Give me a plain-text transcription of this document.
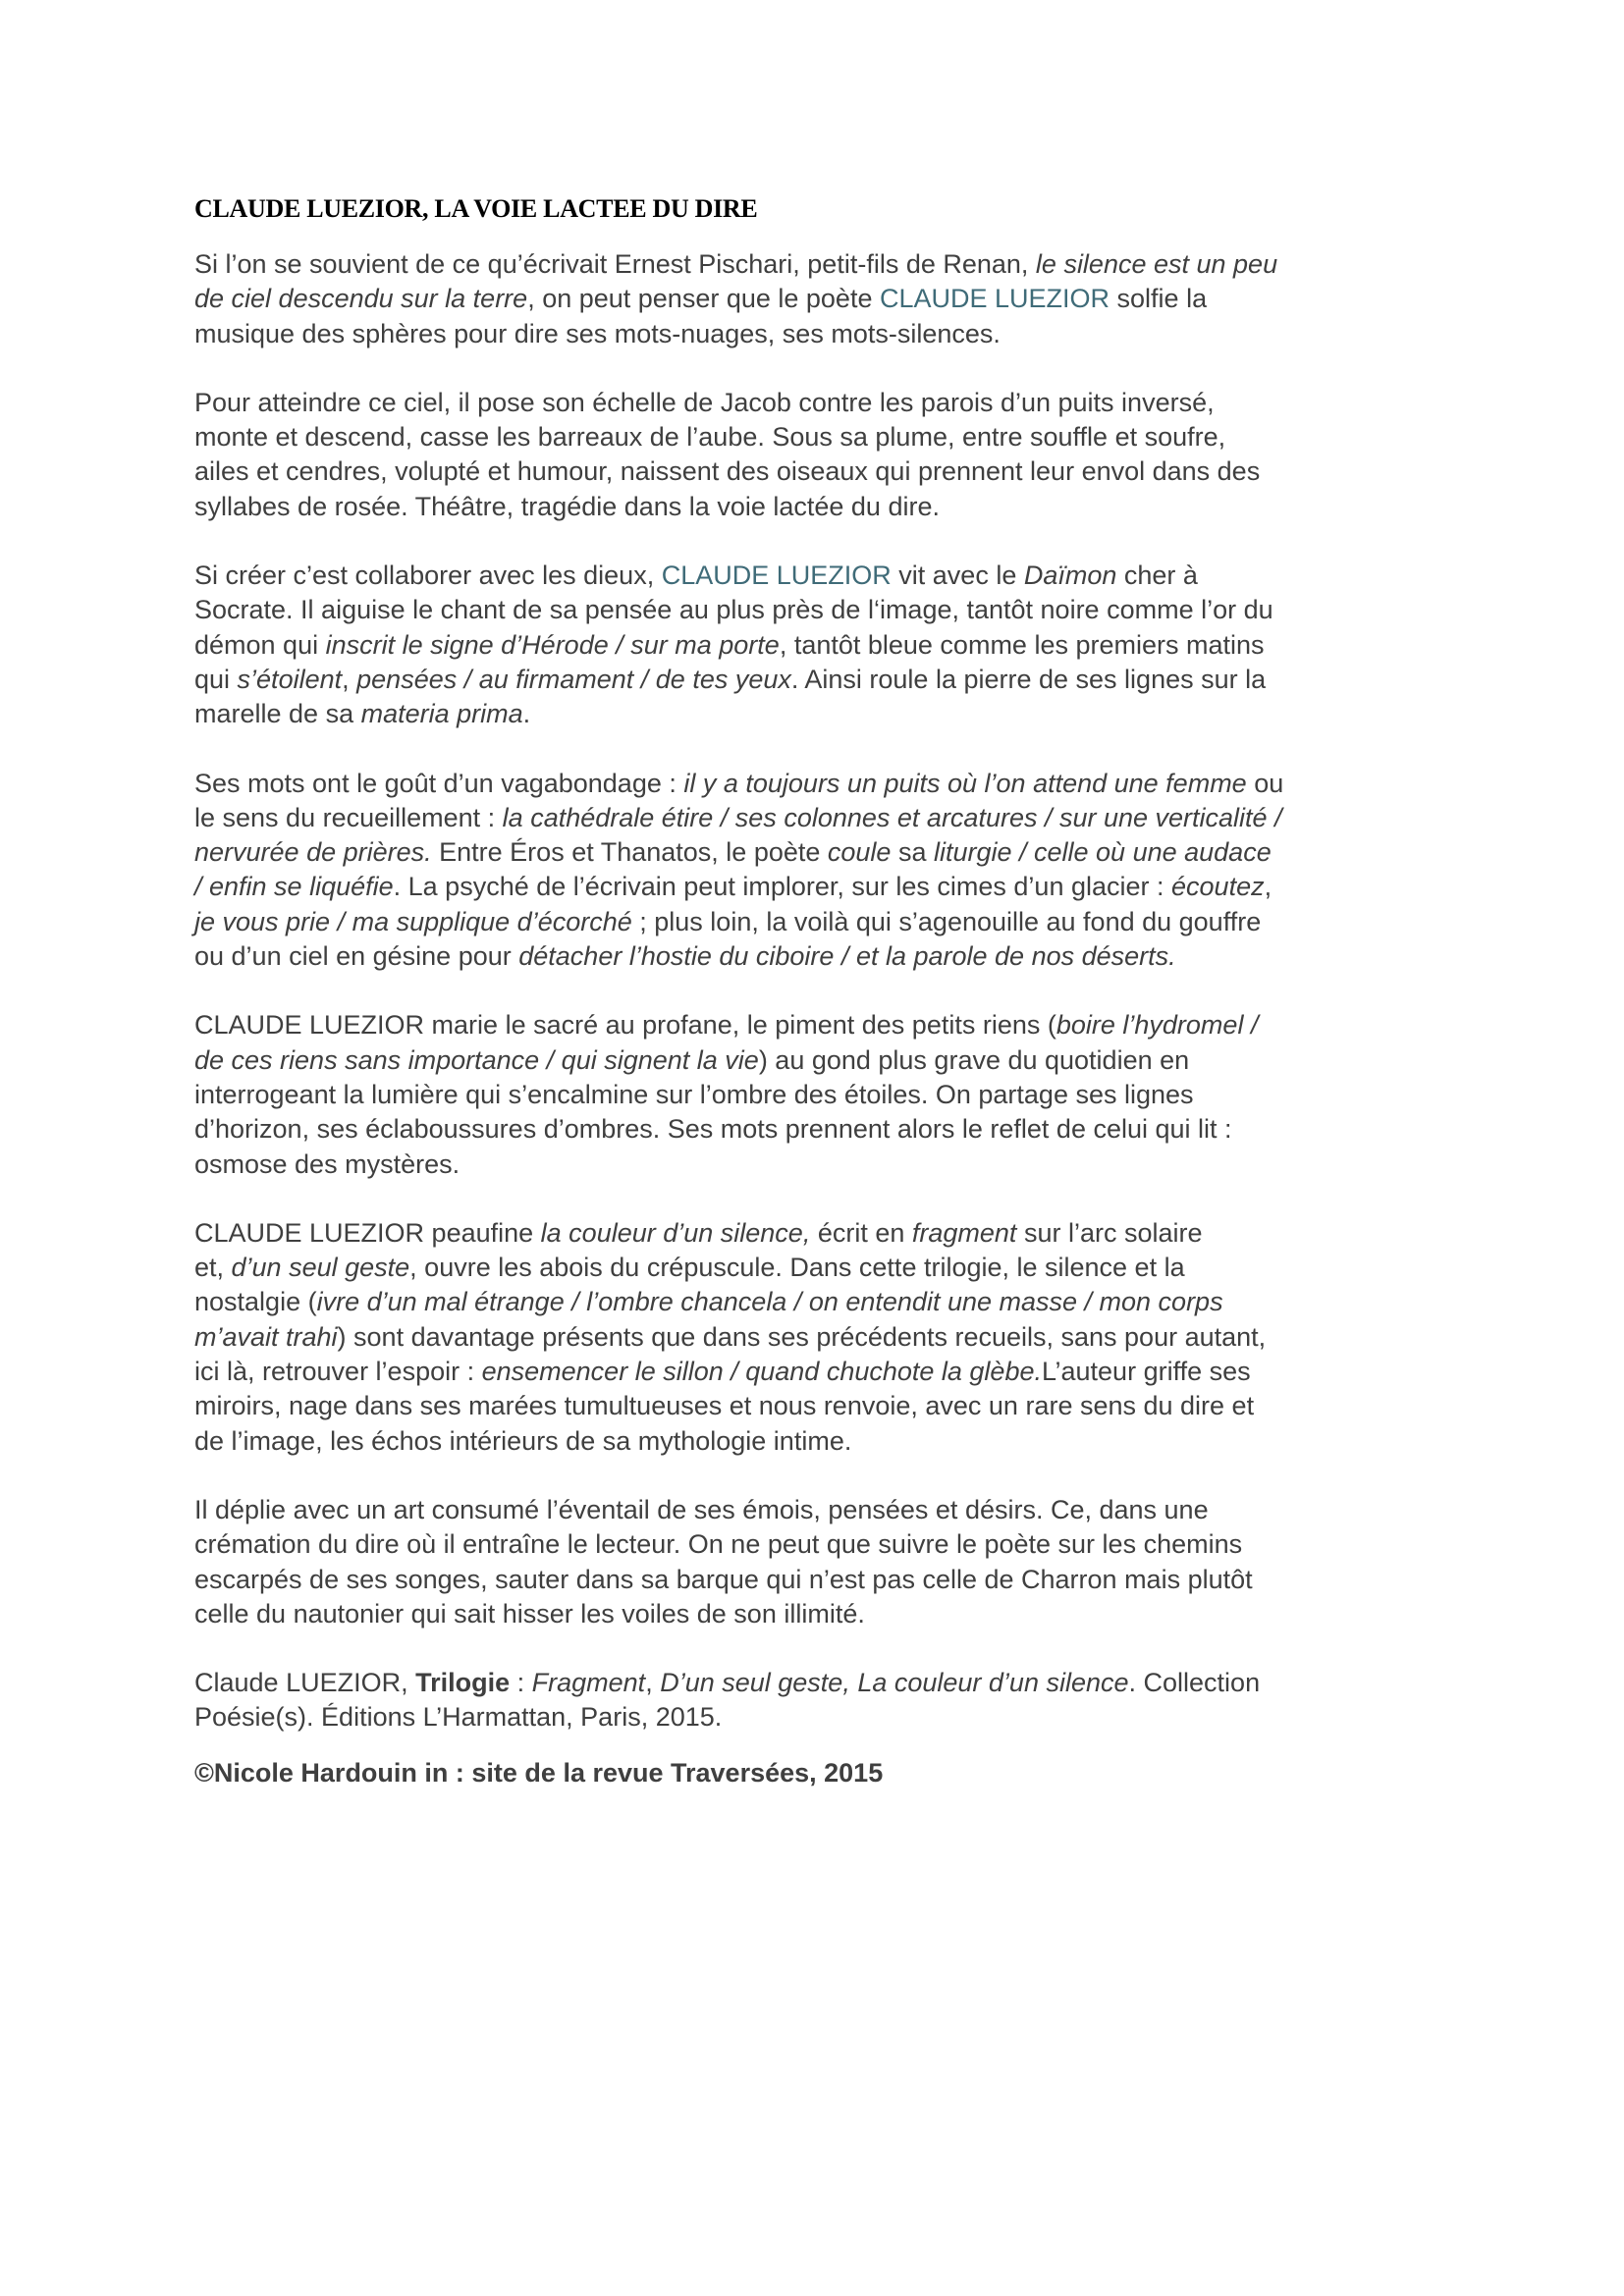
CLAUDE LUEZIOR, LA VOIE LACTEE DU DIRE

Si l’on se souvient de ce qu’écrivait Ernest Pischari, petit-fils de Renan, le silence est un peu
de ciel descendu sur la terre, on peut penser que le poète CLAUDE LUEZIOR solfie la
musique des sphères pour dire ses mots-nuages, ses mots-silences.

Pour atteindre ce ciel, il pose son échelle de Jacob contre les parois d’un puits inversé,
monte et descend, casse les barreaux de l’aube. Sous sa plume, entre souffle et soufre,
ailes et cendres, volupté et humour, naissent des oiseaux qui prennent leur envol dans des
syllabes de rosée. Théâtre, tragédie dans la voie lactée du dire.

Si créer c’est collaborer avec les dieux, CLAUDE LUEZIOR vit avec le Daïmon cher à
Socrate. Il aiguise le chant de sa pensée au plus près de l‘image, tantôt noire comme l’or du
démon qui inscrit le signe d’Hérode / sur ma porte, tantôt bleue comme les premiers matins
qui s’étoilent, pensées / au firmament / de tes yeux. Ainsi roule la pierre de ses lignes sur la
marelle de sa materia prima.

Ses mots ont le goût d’un vagabondage : il y a toujours un puits où l’on attend une femme ou
le sens du recueillement : la cathédrale étire / ses colonnes et arcatures / sur une verticalité /
nervurée de prières. Entre Éros et Thanatos, le poète coule sa liturgie / celle où une audace
/ enfin se liquéfie. La psyché de l’écrivain peut implorer, sur les cimes d’un glacier : écoutez,
je vous prie / ma supplique d’écorché ; plus loin, la voilà qui s’agenouille au fond du gouffre
ou d’un ciel en gésine pour détacher l’hostie du ciboire / et la parole de nos déserts.

CLAUDE LUEZIOR marie le sacré au profane, le piment des petits riens (boire l’hydromel /
de ces riens sans importance / qui signent la vie) au gond plus grave du quotidien en
interrogeant la lumière qui s’encalmine sur l’ombre des étoiles. On partage ses lignes
d’horizon, ses éclaboussures d’ombres. Ses mots prennent alors le reflet de celui qui lit :
osmose des mystères.

CLAUDE LUEZIOR peaufine la couleur d’un silence, écrit en fragment sur l’arc solaire
et, d’un seul geste, ouvre les abois du crépuscule. Dans cette trilogie, le silence et la
nostalgie (ivre d’un mal étrange / l’ombre chancela / on entendit une masse / mon corps
m’avait trahi) sont davantage présents que dans ses précédents recueils, sans pour autant,
ici là, retrouver l’espoir : ensemencer le sillon / quand chuchote la glèbe.L’auteur griffe ses
miroirs, nage dans ses marées tumultueuses et nous renvoie, avec un rare sens du dire et
de l’image, les échos intérieurs de sa mythologie intime.

Il déplie avec un art consumé l’éventail de ses émois, pensées et désirs. Ce, dans une
crémation du dire où il entraîne le lecteur. On ne peut que suivre le poète sur les chemins
escarpés de ses songes, sauter dans sa barque qui n’est pas celle de Charron mais plutôt
celle du nautonier qui sait hisser les voiles de son illimité.

Claude LUEZIOR, Trilogie : Fragment, D’un seul geste, La couleur d’un silence. Collection
Poésie(s). Éditions L’Harmattan, Paris, 2015.

©Nicole Hardouin in : site de la revue Traversées, 2015
